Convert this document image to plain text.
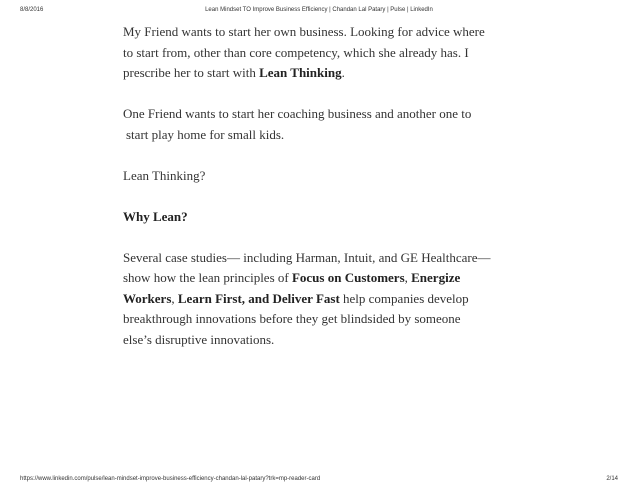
8/8/2016	Lean Mindset TO Improve Business Efficiency | Chandan Lal Patary | Pulse | LinkedIn
My Friend wants to start her own business. Looking for advice where
to start from, other than core competency, which she already has. I
prescribe her to start with Lean Thinking.
One Friend wants to start her coaching business and another one to
start play home for small kids.
Lean Thinking?
Why Lean?
Several case studies— including Harman, Intuit, and GE Healthcare—
show how the lean principles of Focus on Customers, Energize
Workers, Learn First, and Deliver Fast help companies develop
breakthrough innovations before they get blindsided by someone
else’s disruptive innovations.
https://www.linkedin.com/pulse/lean-mindset-improve-business-efficiency-chandan-lal-patary?trk=mp-reader-card	2/14
